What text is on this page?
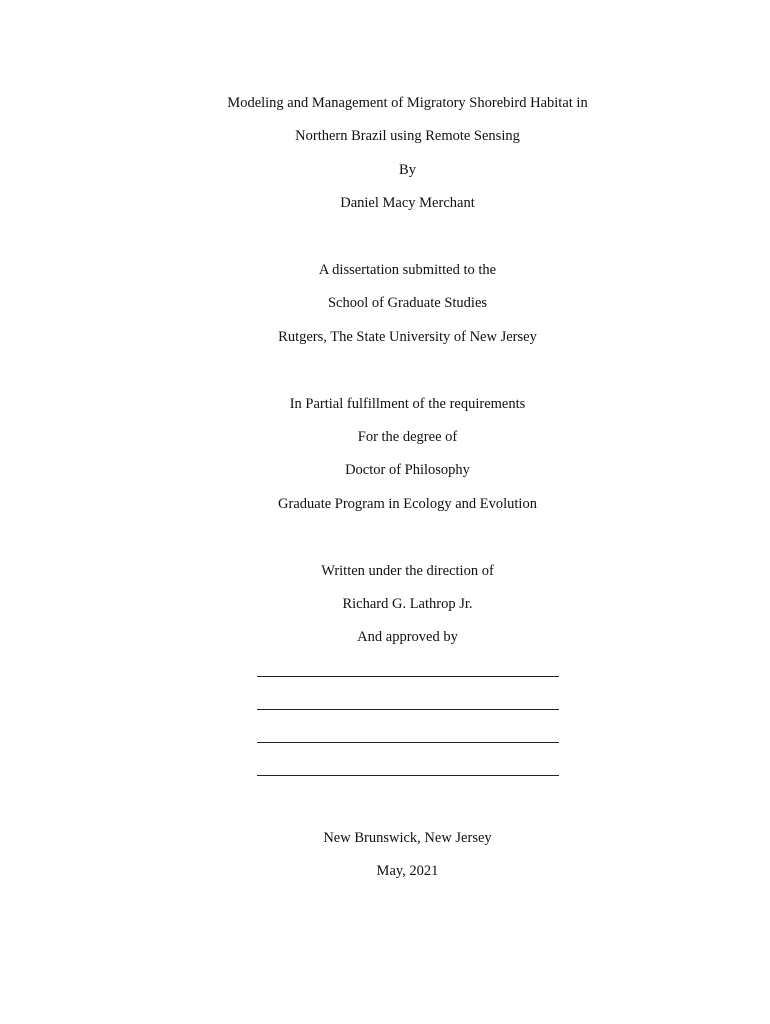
Modeling and Management of Migratory Shorebird Habitat in
Northern Brazil using Remote Sensing
By
Daniel Macy Merchant
A dissertation submitted to the
School of Graduate Studies
Rutgers, The State University of New Jersey
In Partial fulfillment of the requirements
For the degree of
Doctor of Philosophy
Graduate Program in Ecology and Evolution
Written under the direction of
Richard G. Lathrop Jr.
And approved by
New Brunswick, New Jersey
May, 2021
